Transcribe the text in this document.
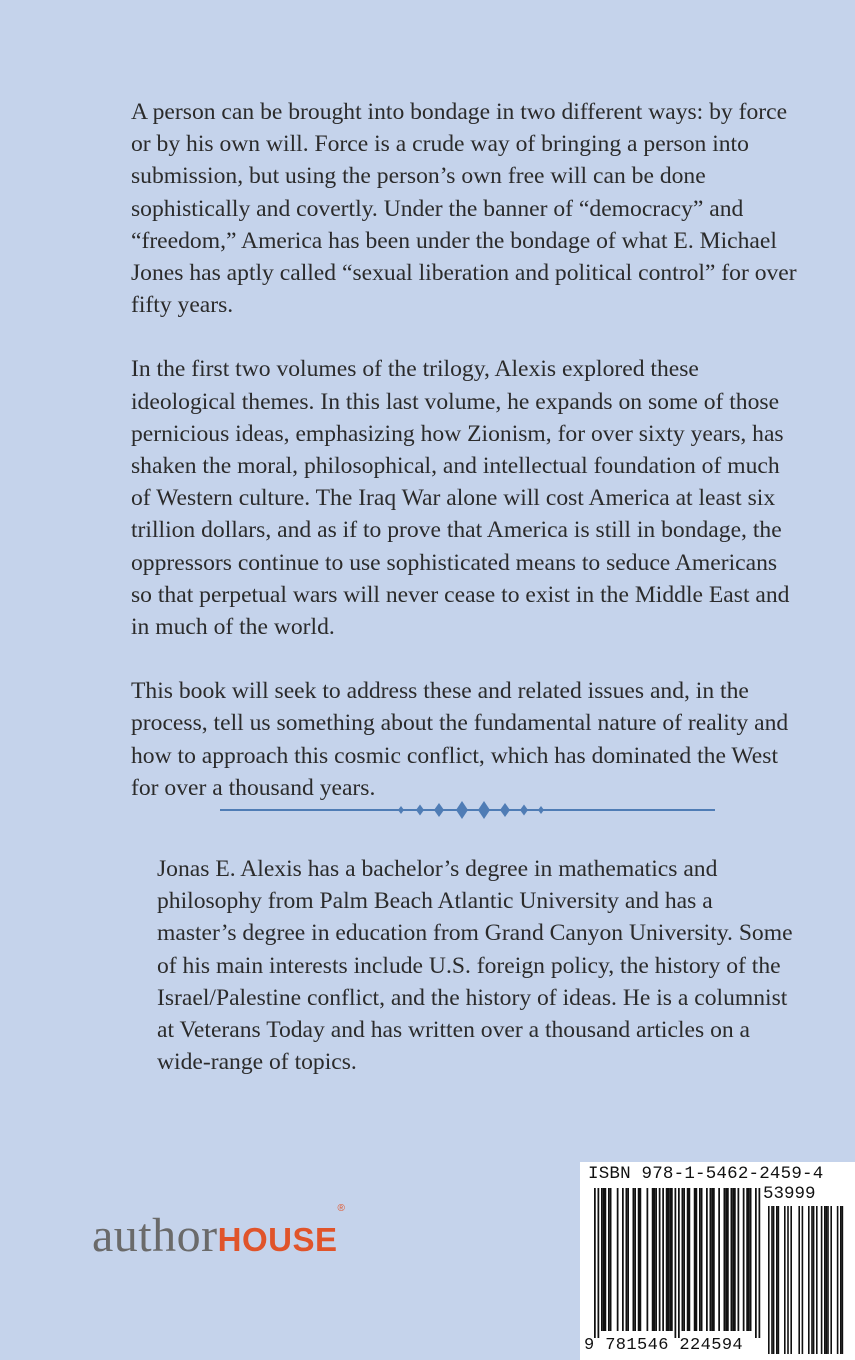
A person can be brought into bondage in two different ways: by force or by his own will. Force is a crude way of bringing a person into submission, but using the person’s own free will can be done sophistically and covertly. Under the banner of “democracy” and “freedom,” America has been under the bondage of what E. Michael Jones has aptly called “sexual liberation and political control” for over fifty years.

In the first two volumes of the trilogy, Alexis explored these ideological themes. In this last volume, he expands on some of those pernicious ideas, emphasizing how Zionism, for over sixty years, has shaken the moral, philosophical, and intellectual foundation of much of Western culture. The Iraq War alone will cost America at least six trillion dollars, and as if to prove that America is still in bondage, the oppressors continue to use sophisticated means to seduce Americans so that perpetual wars will never cease to exist in the Middle East and in much of the world.

This book will seek to address these and related issues and, in the process, tell us something about the fundamental nature of reality and how to approach this cosmic conflict, which has dominated the West for over a thousand years.

Jonas E. Alexis has a bachelor’s degree in mathematics and philosophy from Palm Beach Atlantic University and has a master’s degree in education from Grand Canyon University. Some of his main interests include U.S. foreign policy, the history of the Israel/Palestine conflict, and the history of ideas. He is a columnist at Veterans Today and has written over a thousand articles on a wide-range of topics.

authorHOUSE®
ISBN 978-1-5462-2459-4
53999
9 781546 224594
